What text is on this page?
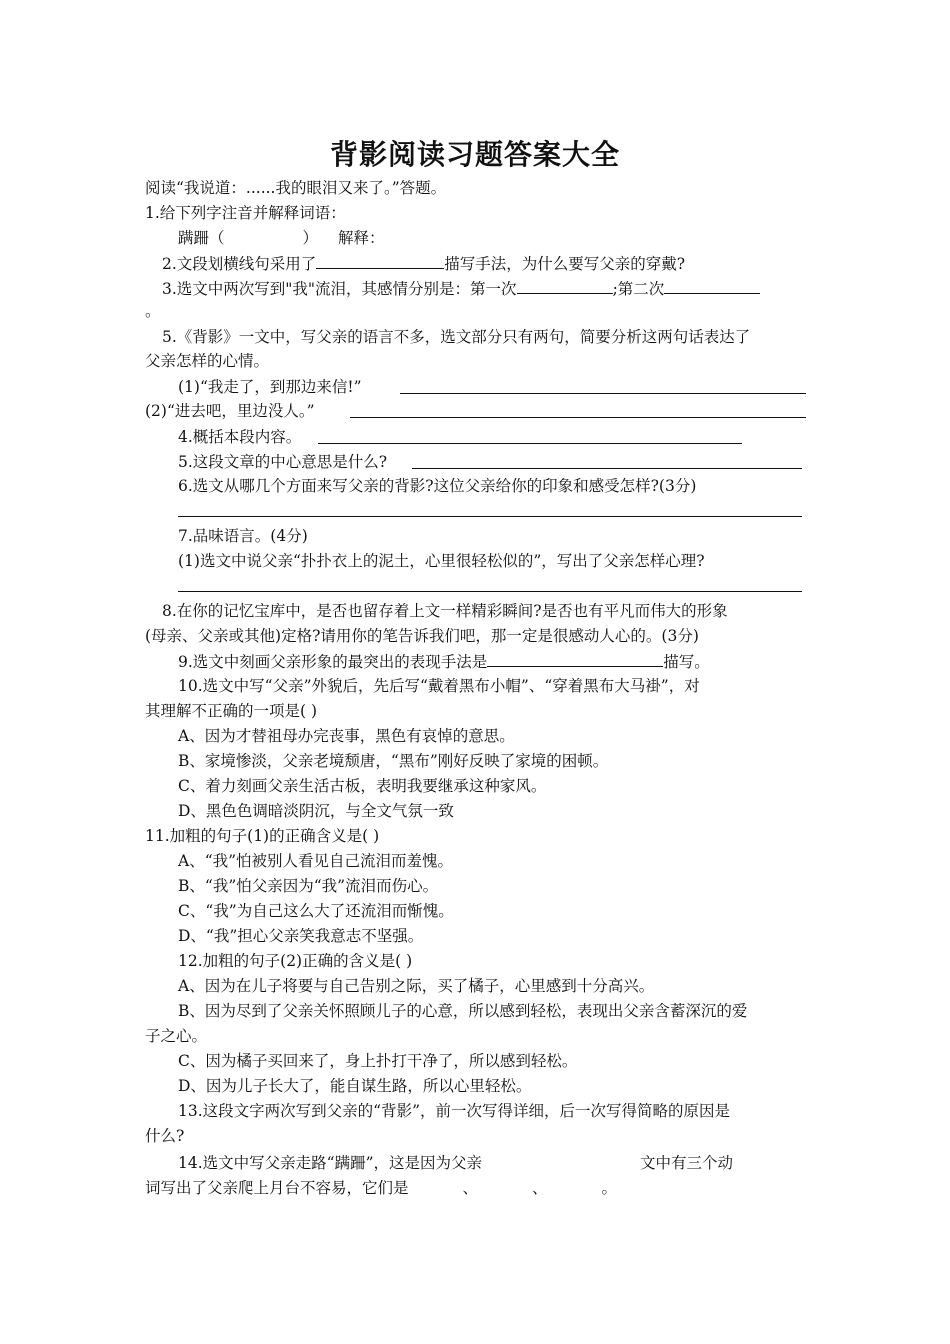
背影阅读习题答案大全
阅读“我说道：......我的眼泪又来了。”答题。
1.给下列字注音并解释词语：
蹒跚（	） 解释：
2.文段划横线句采用了	描写手法，为什么要写父亲的穿戴?
3.选文中两次写到"我"流泪，其感情分别是：第一次	;第二次
。
5.《背影》一文中，写父亲的语言不多，选文部分只有两句，简要分析这两句话表达了
父亲怎样的心情。
(1)“我走了，到那边来信!”
(2)“进去吧，里边没人。”
4.概括本段内容。
5.这段文章的中心意思是什么?
6.选文从哪几个方面来写父亲的背影?这位父亲给你的印象和感受怎样?(3分)
7.品味语言。(4分)
(1)选文中说父亲“扑扑衣上的泥土，心里很轻松似的”，写出了父亲怎样心理?
8.在你的记忆宝库中，是否也留存着上文一样精彩瞬间?是否也有平凡而伟大的形象
(母亲、父亲或其他)定格?请用你的笔告诉我们吧，那一定是很感动人心的。(3分)
9.选文中刻画父亲形象的最突出的表现手法是	描写。
10.选文中写“父亲”外貌后，先后写“戴着黑布小帽”、“穿着黑布大马褂”，对
其理解不正确的一项是( )
A、因为才替祖母办完丧事，黑色有哀悼的意思。
B、家境惨淡，父亲老境颓唐，“黑布”刚好反映了家境的困顿。
C、着力刻画父亲生活古板，表明我要继承这种家风。
D、黑色色调暗淡阴沉，与全文气氛一致
11.加粗的句子(1)的正确含义是( )
A、“我”怕被别人看见自己流泪而羞愧。
B、“我”怕父亲因为“我”流泪而伤心。
C、“我”为自己这么大了还流泪而惭愧。
D、“我”担心父亲笑我意志不坚强。
12.加粗的句子(2)正确的含义是( )
A、因为在儿子将要与自己告别之际，买了橘子，心里感到十分高兴。
B、因为尽到了父亲关怀照顾儿子的心意，所以感到轻松，表现出父亲含蓄深沉的爱
子之心。
C、因为橘子买回来了，身上扑打干净了，所以感到轻松。
D、因为儿子长大了，能自谋生路，所以心里轻松。
13.这段文字两次写到父亲的“背影”，前一次写得详细，后一次写得简略的原因是
什么?
14.选文中写父亲走路“蹒跚”，这是因为父亲	文中有三个动
词写出了父亲爬上月台不容易，它们是	、	、	。
